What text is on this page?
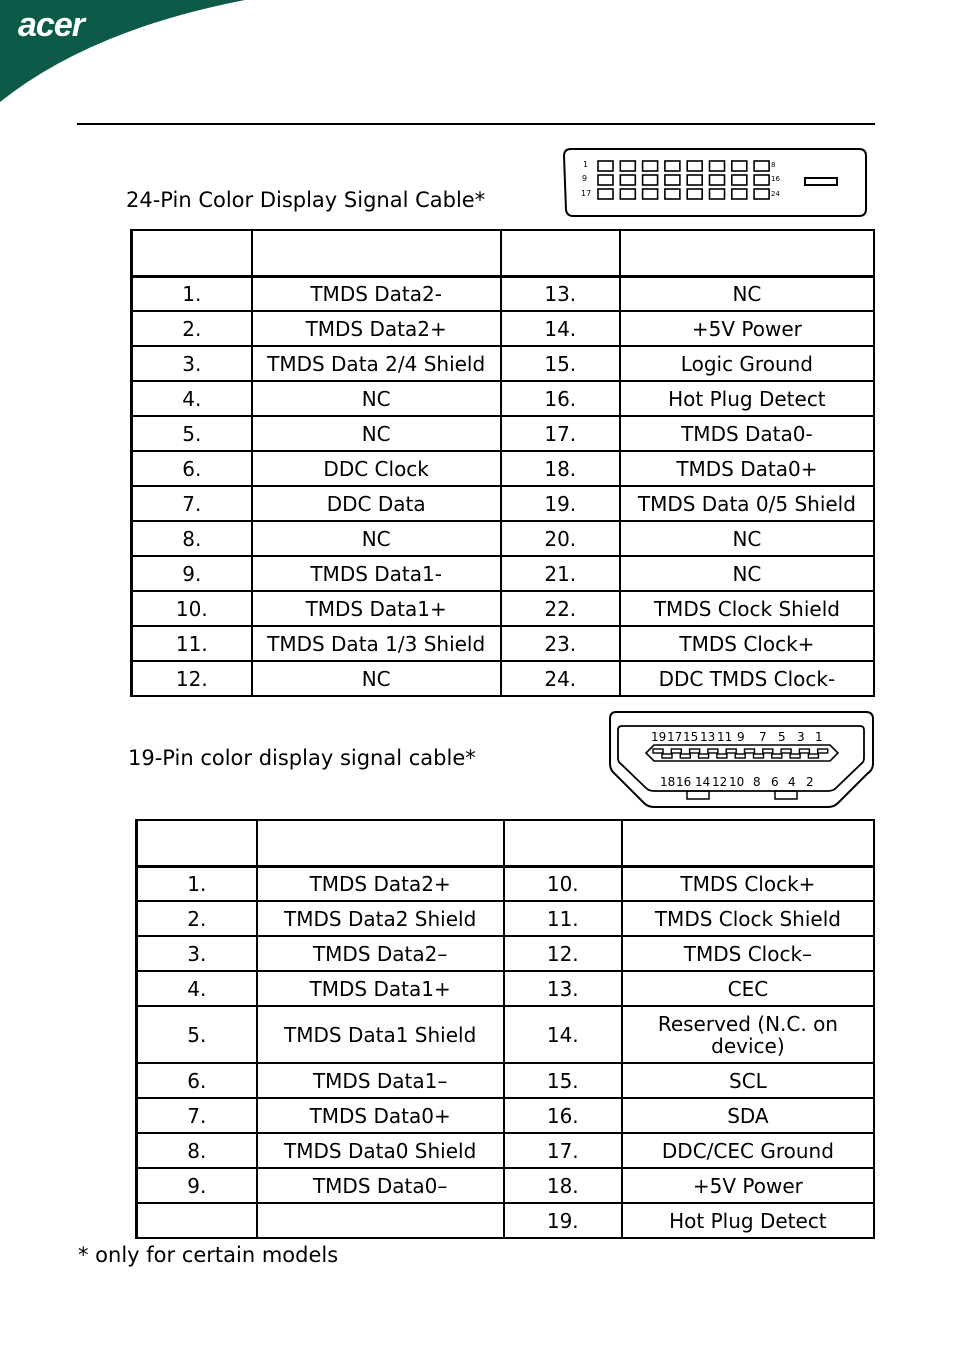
acer
24-Pin Color Display Signal Cable*
1
9
17
8
16
24

1.	TMDS Data2-	13.	NC
2.	TMDS Data2+	14.	+5V Power
3.	TMDS Data 2/4 Shield	15.	Logic Ground
4.	NC	16.	Hot Plug Detect
5.	NC	17.	TMDS Data0-
6.	DDC Clock	18.	TMDS Data0+
7.	DDC Data	19.	TMDS Data 0/5 Shield
8.	NC	20.	NC
9.	TMDS Data1-	21.	NC
10.	TMDS Data1+	22.	TMDS Clock Shield
11.	TMDS Data 1/3 Shield	23.	TMDS Clock+
12.	NC	24.	DDC TMDS Clock-
19-Pin color display signal cable*
19 17 15 13 11 9 7 5 3 1
18 16 14 12 10 8 6 4 2

1.	TMDS Data2+	10.	TMDS Clock+
2.	TMDS Data2 Shield	11.	TMDS Clock Shield
3.	TMDS Data2–	12.	TMDS Clock–
4.	TMDS Data1+	13.	CEC
5.	TMDS Data1 Shield	14.	Reserved (N.C. on device)
6.	TMDS Data1–	15.	SCL
7.	TMDS Data0+	16.	SDA
8.	TMDS Data0 Shield	17.	DDC/CEC Ground
9.	TMDS Data0–	18.	+5V Power
		19.	Hot Plug Detect
* only for certain models
